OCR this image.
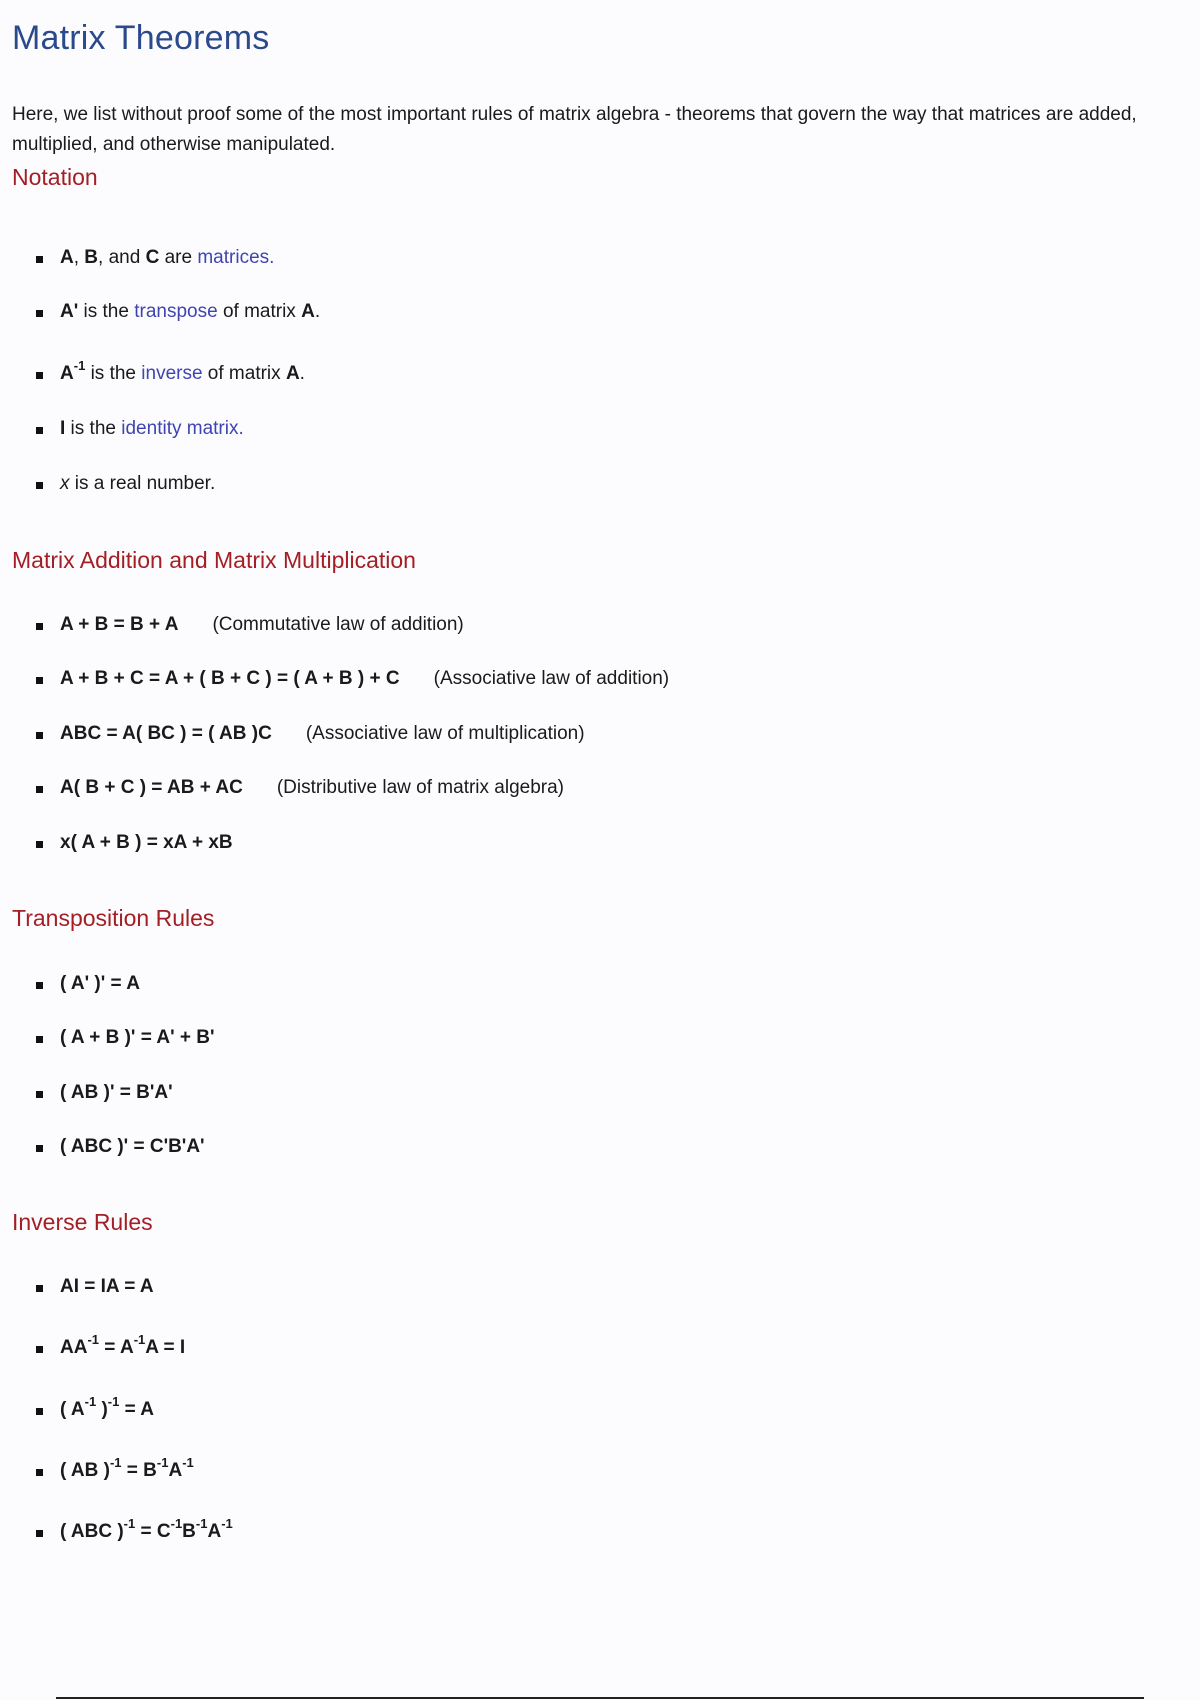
Matrix Theorems
Here, we list without proof some of the most important rules of matrix algebra - theorems that govern the way that matrices are added,
multiplied, and otherwise manipulated.
Notation
A, B, and C are matrices.
A' is the transpose of matrix A.
$A^{-1}$ is the inverse of matrix A.
I is the identity matrix.
x is a real number.
Matrix Addition and Matrix Multiplication
A + B = B + A (Commutative law of addition)
A + B + C = A + ( B + C ) = ( A + B ) + C (Associative law of addition)
ABC = A( BC ) = ( AB )C (Associative law of multiplication)
A( B + C ) = AB + AC (Distributive law of matrix algebra)
x( A + B ) = xA + xB
Transposition Rules
( A' )' = A
( A + B )' = A' + B'
( AB )' = B'A'
( ABC )' = C'B'A'
Inverse Rules
AI = IA = A
$AA^{-1} = A^{-1}A = I$
( $A^{-1}$ )$^{-1}$ = A
( AB )$^{-1} = B^{-1}A^{-1}$
( ABC )$^{-1} = C^{-1}B^{-1}A^{-1}$
